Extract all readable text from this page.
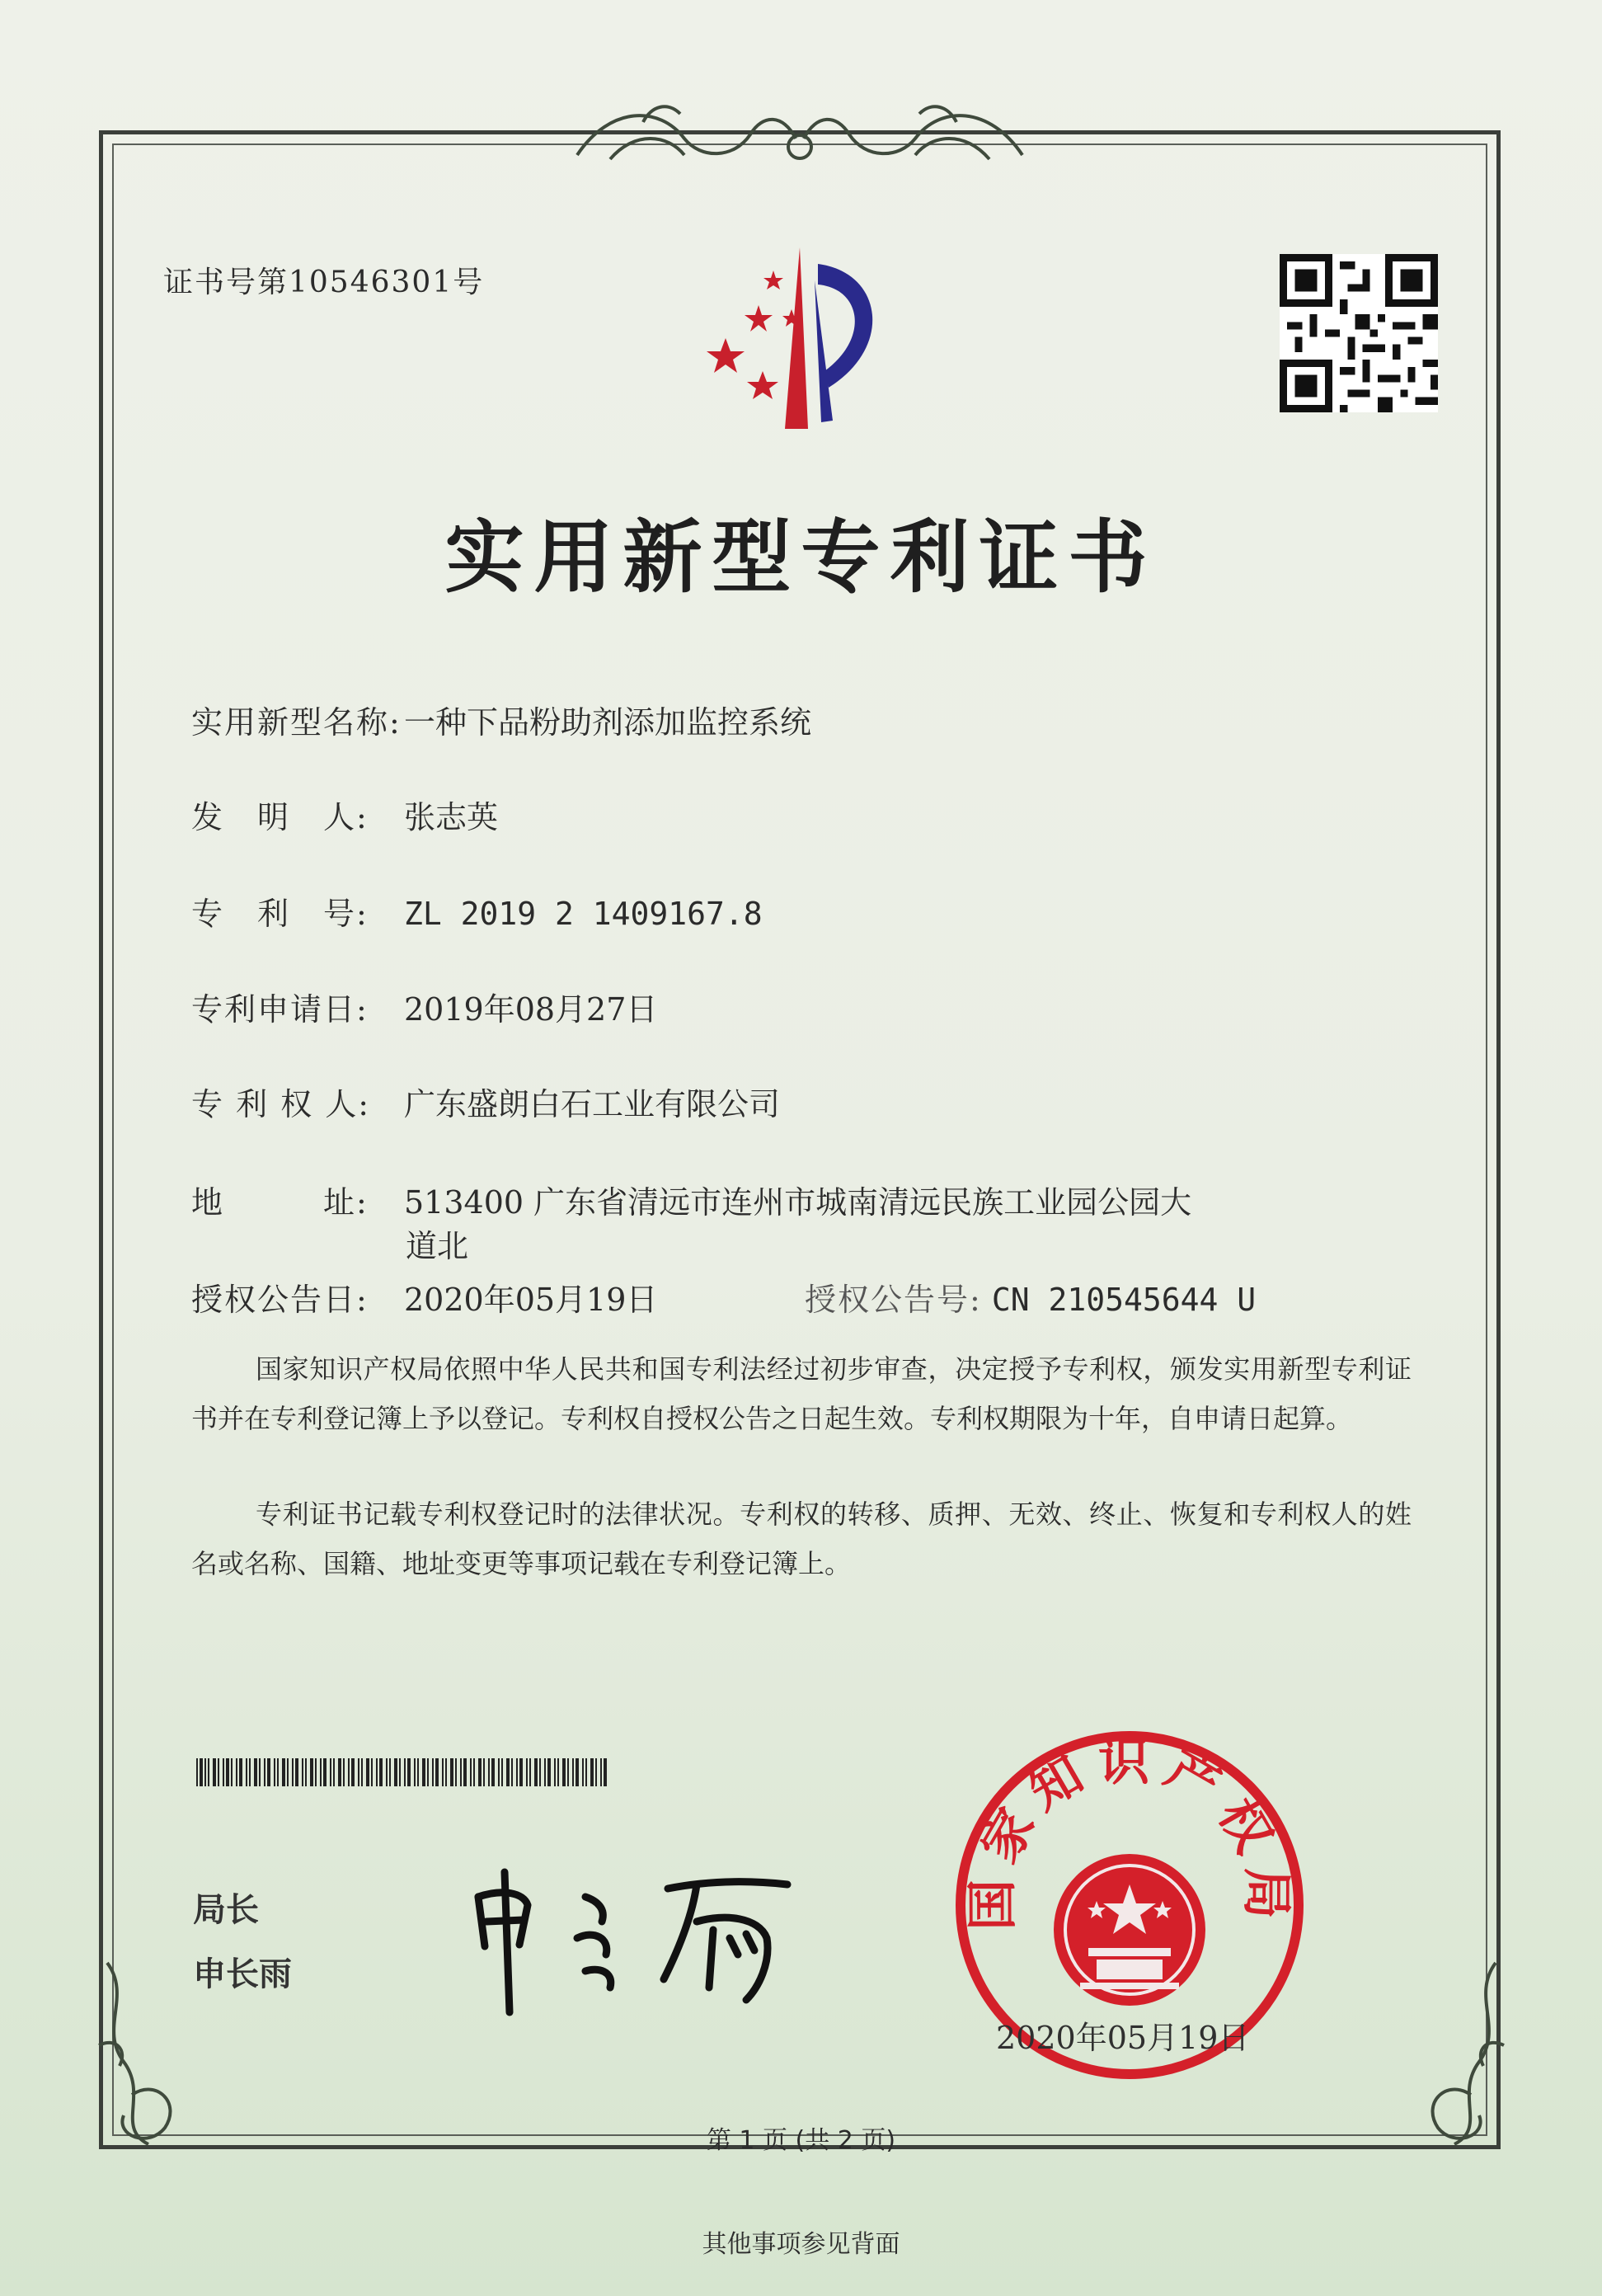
证书号第10546301号
实用新型专利证书
实用新型名称:一种下品粉助剂添加监控系统
发　明　人: 张志英
专　利　号: ZL 2019 2 1409167.8
专利申请日: 2019年08月27日
专 利 权 人: 广东盛朗白石工业有限公司
地　　　址: 513400 广东省清远市连州市城南清远民族工业园公园大
道北
授权公告日: 2020年05月19日	授权公告号: CN 210545644 U
国家知识产权局依照中华人民共和国专利法经过初步审查，决定授予专利权，颁发实用新型专利证书并在专利登记簿上予以登记。专利权自授权公告之日起生效。专利权期限为十年，自申请日起算。
专利证书记载专利权登记时的法律状况。专利权的转移、质押、无效、终止、恢复和专利权人的姓名或名称、国籍、地址变更等事项记载在专利登记簿上。
局长
申长雨
国家知识产权局
2020年05月19日
第 1 页 (共 2 页)
其他事项参见背面
